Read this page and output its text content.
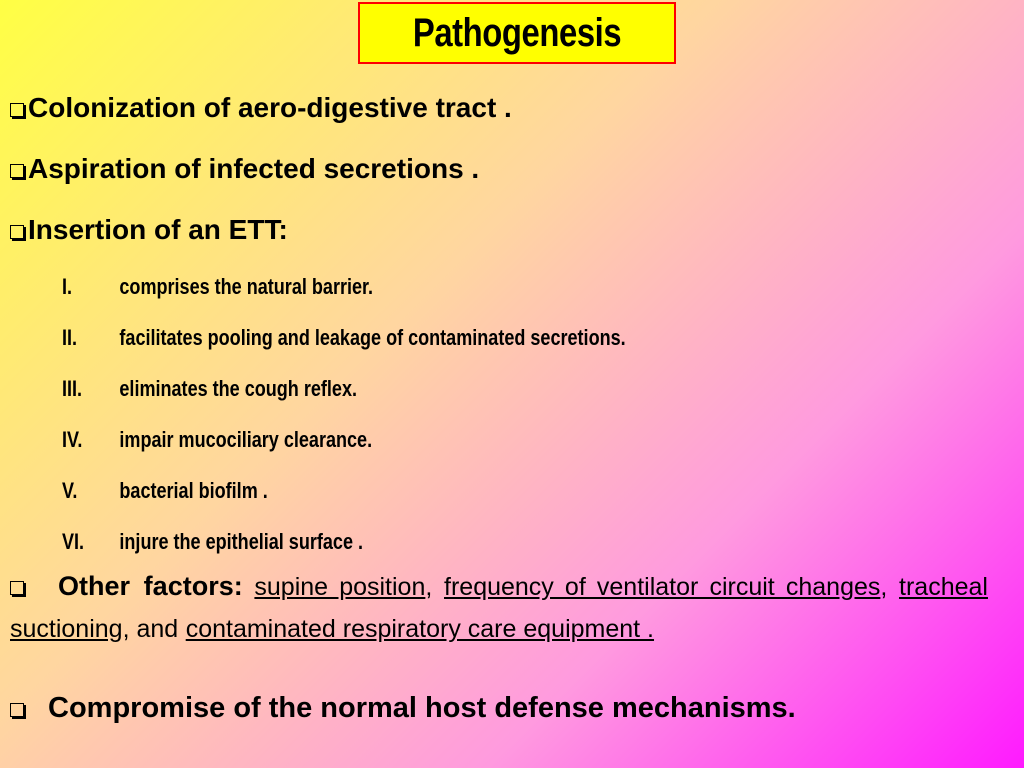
Pathogenesis
Colonization of aero-digestive tract .
Aspiration of infected secretions .
Insertion of an ETT:
I. comprises the natural barrier.
II. facilitates pooling and leakage of contaminated secretions.
III. eliminates the cough reflex.
IV. impair mucociliary clearance.
V. bacterial biofilm .
VI. injure the epithelial surface .
Other factors: supine position, frequency of ventilator circuit changes, tracheal suctioning, and contaminated respiratory care equipment .
Compromise of the normal host defense mechanisms.
